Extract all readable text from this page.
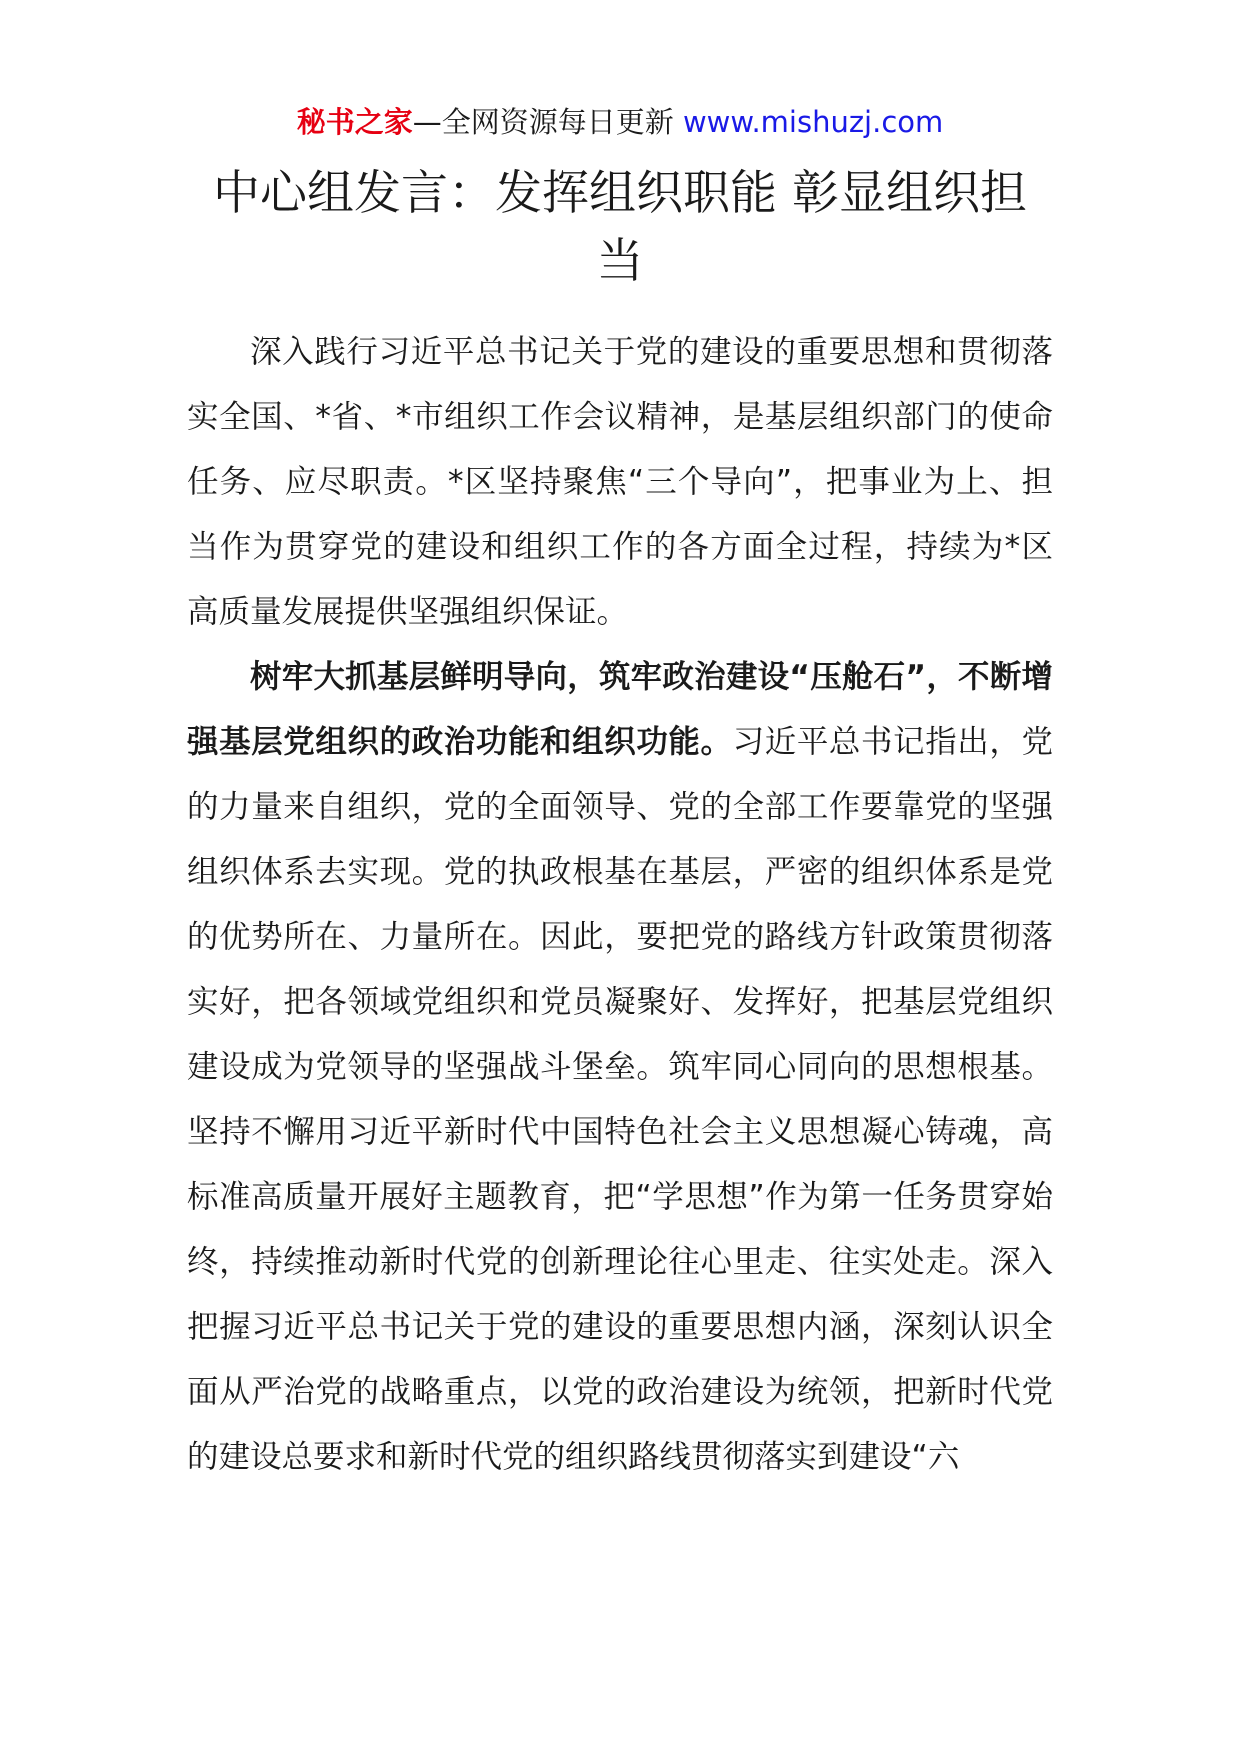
秘书之家—全网资源每日更新 www.mishuzj.com
中心组发言：发挥组织职能 彰显组织担当

深入践行习近平总书记关于党的建设的重要思想和贯彻落实全国、*省、*市组织工作会议精神，是基层组织部门的使命任务、应尽职责。*区坚持聚焦“三个导向”，把事业为上、担当作为贯穿党的建设和组织工作的各方面全过程，持续为*区高质量发展提供坚强组织保证。

树牢大抓基层鲜明导向，筑牢政治建设“压舱石”，不断增强基层党组织的政治功能和组织功能。习近平总书记指出，党的力量来自组织，党的全面领导、党的全部工作要靠党的坚强组织体系去实现。党的执政根基在基层，严密的组织体系是党的优势所在、力量所在。因此，要把党的路线方针政策贯彻落实好，把各领域党组织和党员凝聚好、发挥好，把基层党组织建设成为党领导的坚强战斗堡垒。筑牢同心同向的思想根基。坚持不懈用习近平新时代中国特色社会主义思想凝心铸魂，高标准高质量开展好主题教育，把“学思想”作为第一任务贯穿始终，持续推动新时代党的创新理论往心里走、往实处走。深入把握习近平总书记关于党的建设的重要思想内涵，深刻认识全面从严治党的战略重点，以党的政治建设为统领，把新时代党的建设总要求和新时代党的组织路线贯彻落实到建设“六
